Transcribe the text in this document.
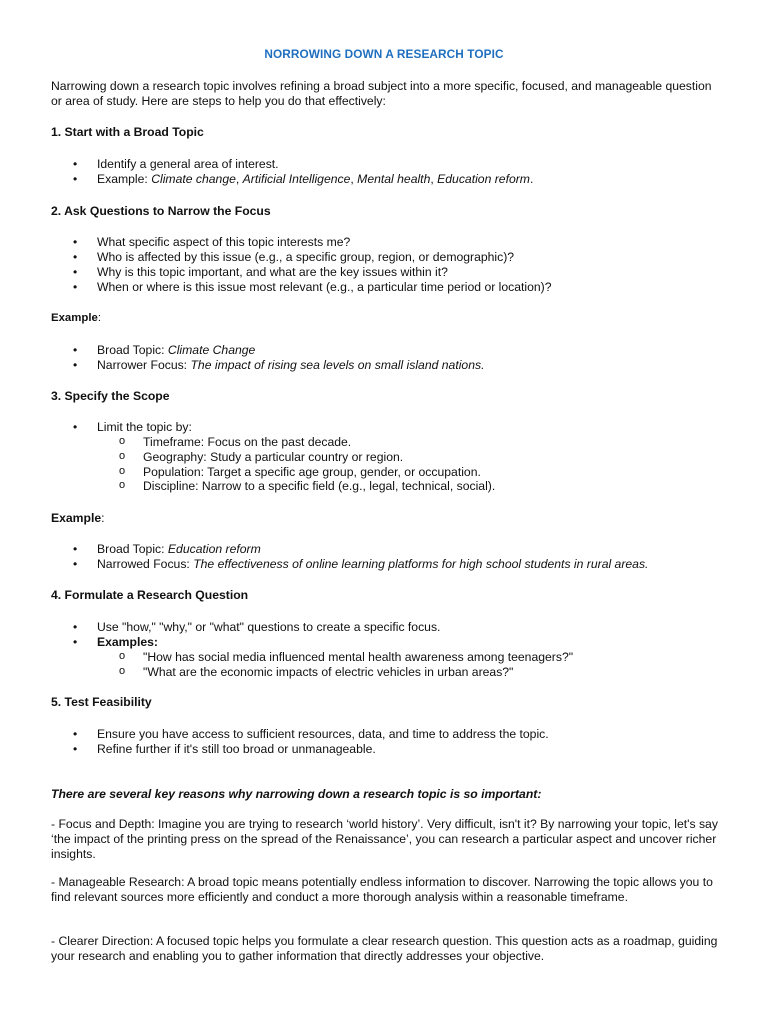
NORROWING DOWN A RESEARCH TOPIC
Narrowing down a research topic involves refining a broad subject into a more specific, focused, and manageable question or area of study. Here are steps to help you do that effectively:
1. Start with a Broad Topic
• Identify a general area of interest.
• Example: Climate change, Artificial Intelligence, Mental health, Education reform.
2. Ask Questions to Narrow the Focus
• What specific aspect of this topic interests me?
• Who is affected by this issue (e.g., a specific group, region, or demographic)?
• Why is this topic important, and what are the key issues within it?
• When or where is this issue most relevant (e.g., a particular time period or location)?
Example:
• Broad Topic: Climate Change
• Narrower Focus: The impact of rising sea levels on small island nations.
3. Specify the Scope
• Limit the topic by:
o Timeframe: Focus on the past decade.
o Geography: Study a particular country or region.
o Population: Target a specific age group, gender, or occupation.
o Discipline: Narrow to a specific field (e.g., legal, technical, social).
Example:
• Broad Topic: Education reform
• Narrowed Focus: The effectiveness of online learning platforms for high school students in rural areas.
4. Formulate a Research Question
• Use "how," "why," or "what" questions to create a specific focus.
• Examples:
o "How has social media influenced mental health awareness among teenagers?"
o "What are the economic impacts of electric vehicles in urban areas?"
5. Test Feasibility
• Ensure you have access to sufficient resources, data, and time to address the topic.
• Refine further if it's still too broad or unmanageable.
There are several key reasons why narrowing down a research topic is so important:
- Focus and Depth: Imagine you are trying to research ‘world history’. Very difficult, isn't it? By narrowing your topic, let's say ‘the impact of the printing press on the spread of the Renaissance’, you can research a particular aspect and uncover richer insights.
- Manageable Research: A broad topic means potentially endless information to discover. Narrowing the topic allows you to find relevant sources more efficiently and conduct a more thorough analysis within a reasonable timeframe.
- Clearer Direction: A focused topic helps you formulate a clear research question. This question acts as a roadmap, guiding your research and enabling you to gather information that directly addresses your objective.
